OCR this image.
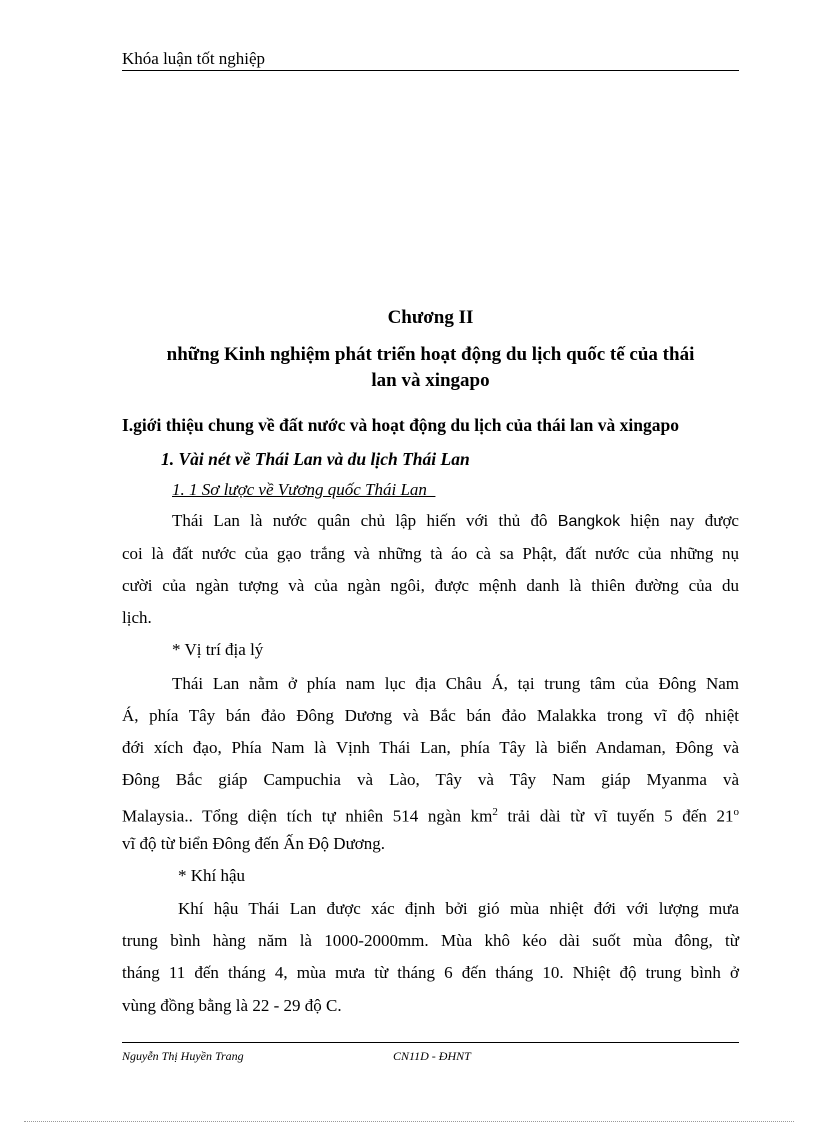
Khóa luận tốt nghiệp
Chương II
những Kinh nghiệm phát triển hoạt động du lịch quốc tế của thái
lan và xingapo
I.giới thiệu chung về đất nước và hoạt động du lịch của thái lan và xingapo
1. Vài nét về Thái Lan và du lịch Thái Lan
1. 1 Sơ lược về Vương quốc Thái Lan
Thái Lan là nước quân chủ lập hiến với thủ đô Bangkok hiện nay được
coi là đất nước của gạo trắng và những tà áo cà sa Phật, đất nước của những nụ
cười của ngàn tượng và của ngàn ngôi, được mệnh danh là thiên đường của du
lịch.
* Vị trí địa lý
Thái Lan nằm ở phía nam lục địa Châu Á, tại trung tâm của Đông Nam
Á, phía Tây bán đảo Đông Dương và Bắc bán đảo Malakka trong vĩ độ nhiệt
đới xích đạo, Phía Nam là Vịnh Thái Lan, phía Tây là biển Andaman, Đông và
Đông Bắc giáp Campuchia và Lào, Tây và Tây Nam giáp Myanma và
Malaysia.. Tổng diện tích tự nhiên 514 ngàn $km^2$ trải dài từ vĩ tuyến 5 đến 21$^o$
vĩ độ từ biển Đông đến Ấn Độ Dương.
* Khí hậu
Khí hậu Thái Lan được xác định bởi gió mùa nhiệt đới với lượng mưa
trung bình hàng năm là 1000-2000mm. Mùa khô kéo dài suốt mùa đông, từ
tháng 11 đến tháng 4, mùa mưa từ tháng 6 đến tháng 10. Nhiệt độ trung bình ở
vùng đồng bằng là 22 - 29 độ C.
Nguyễn Thị Huyền Trang	CN11D - ĐHNT
